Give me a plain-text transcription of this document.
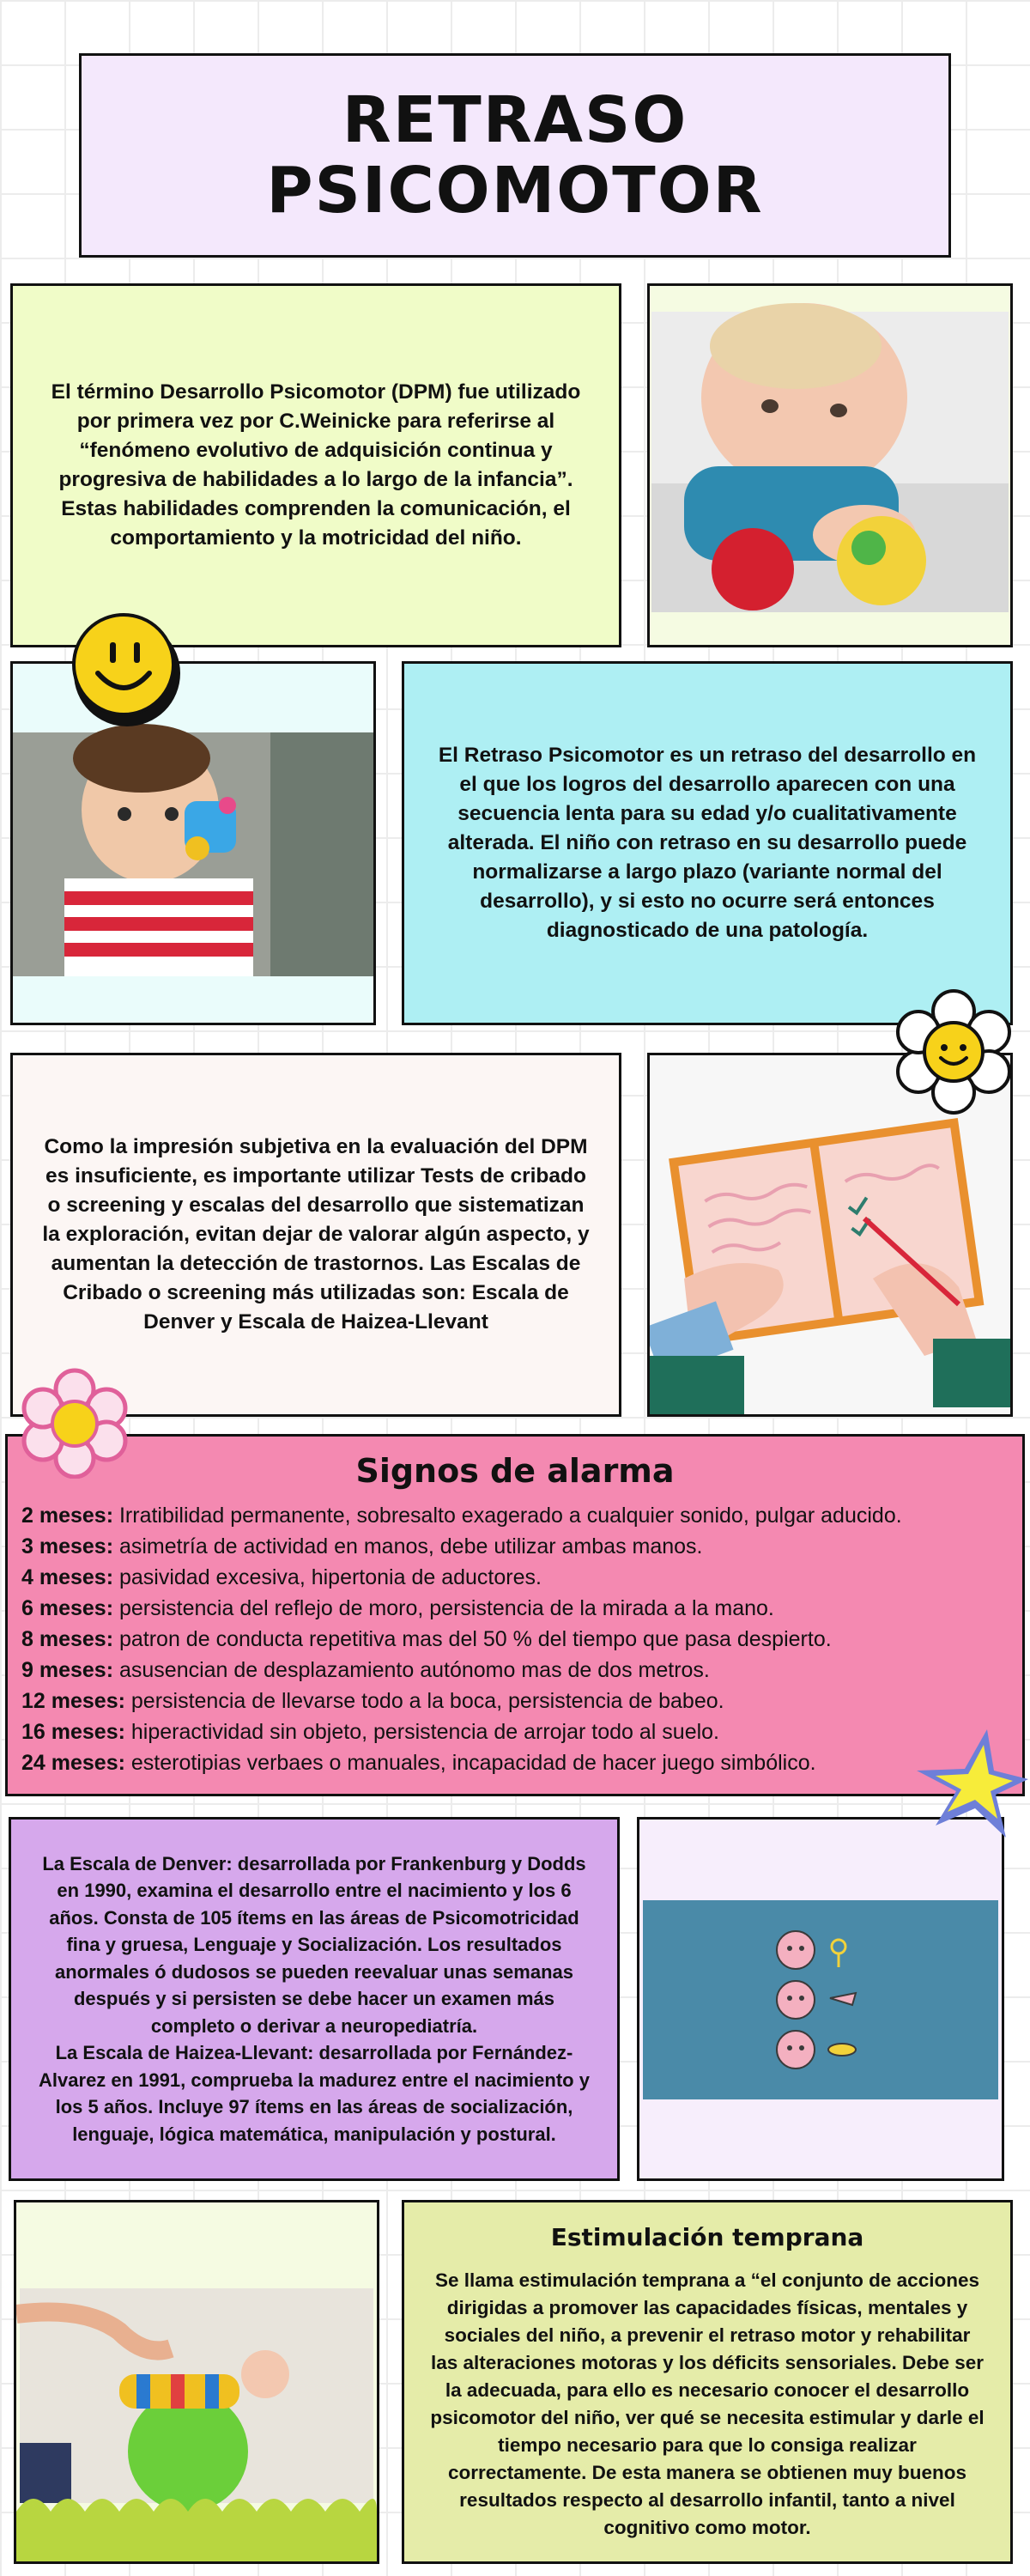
RETRASO
PSICOMOTOR

El término Desarrollo Psicomotor (DPM) fue utilizado por primera vez por C.Weinicke para referirse al “fenómeno evolutivo de adquisición continua y progresiva de habilidades a lo largo de la infancia”. Estas habilidades comprenden la comunicación, el comportamiento y la motricidad del niño.

El Retraso Psicomotor es un retraso del desarrollo en el que los logros del desarrollo aparecen con una secuencia lenta para su edad y/o cualitativamente alterada. El niño con retraso en su desarrollo puede normalizarse a largo plazo (variante normal del desarrollo), y si esto no ocurre será entonces diagnosticado de una patología.

Como la impresión subjetiva en la evaluación del DPM es insuficiente, es importante utilizar Tests de cribado o screening y escalas del desarrollo que sistematizan la exploración, evitan dejar de valorar algún aspecto, y aumentan la detección de trastornos. Las Escalas de Cribado o screening más utilizadas son: Escala de Denver y Escala de Haizea-Llevant

Signos de alarma
2 meses: Irratibilidad permanente, sobresalto exagerado a cualquier sonido, pulgar aducido.
3 meses: asimetría de actividad en manos, debe utilizar ambas manos.
4 meses: pasividad excesiva, hipertonia de aductores.
6 meses: persistencia del reflejo de moro, persistencia de la mirada a la mano.
8 meses: patron de conducta repetitiva mas del 50 % del tiempo que pasa despierto.
9 meses: asusencian de desplazamiento autónomo mas de dos metros.
12 meses: persistencia de llevarse todo a la boca, persistencia de babeo.
16 meses: hiperactividad sin objeto, persistencia de arrojar todo al suelo.
24 meses: esterotipias verbaes o manuales, incapacidad de hacer juego simbólico.

La Escala de Denver: desarrollada por Frankenburg y Dodds en 1990, examina el desarrollo entre el nacimiento y los 6 años. Consta de 105 ítems en las áreas de Psicomotricidad fina y gruesa, Lenguaje y Socialización. Los resultados anormales ó dudosos se pueden reevaluar unas semanas después y si persisten se debe hacer un examen más completo o derivar a neuropediatría.

La Escala de Haizea-Llevant: desarrollada por Fernández-Alvarez en 1991, comprueba la madurez entre el nacimiento y los 5 años. Incluye 97 ítems en las áreas de socialización, lenguaje, lógica matemática, manipulación y postural.

Estimulación temprana

Se llama estimulación temprana a “el conjunto de acciones dirigidas a promover las capacidades físicas, mentales y sociales del niño, a prevenir el retraso motor y rehabilitar las alteraciones motoras y los déficits sensoriales. Debe ser la adecuada, para ello es necesario conocer el desarrollo psicomotor del niño, ver qué se necesita estimular y darle el tiempo necesario para que lo consiga realizar correctamente. De esta manera se obtienen muy buenos resultados respecto al desarrollo infantil, tanto a nivel cognitivo como motor.
